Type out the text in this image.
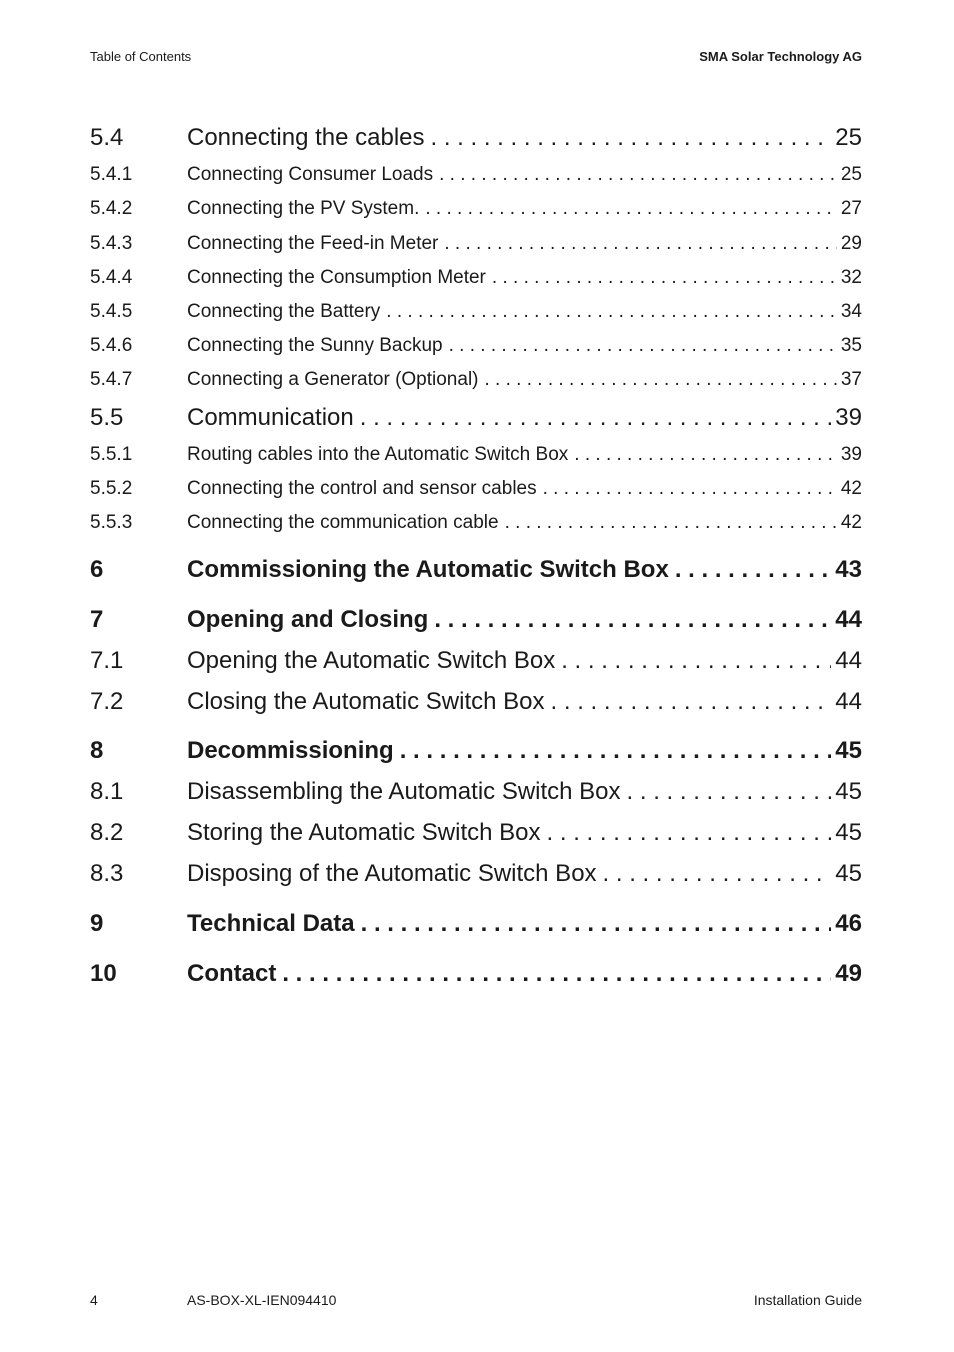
Table of Contents	SMA Solar Technology AG
5.4	Connecting the cables . . .	25
5.4.1	Connecting Consumer Loads . . .	25
5.4.2	Connecting the PV System. . . .	27
5.4.3	Connecting the Feed-in Meter . . .	29
5.4.4	Connecting the Consumption Meter . . .	32
5.4.5	Connecting the Battery . . .	34
5.4.6	Connecting the Sunny Backup . . .	35
5.4.7	Connecting a Generator (Optional) . . .	37
5.5	Communication . . .	39
5.5.1	Routing cables into the Automatic Switch Box . . .	39
5.5.2	Connecting the control and sensor cables . . .	42
5.5.3	Connecting the communication cable . . .	42
6	Commissioning the Automatic Switch Box . . .	43
7	Opening and Closing . . .	44
7.1	Opening the Automatic Switch Box . . .	44
7.2	Closing the Automatic Switch Box . . .	44
8	Decommissioning . . .	45
8.1	Disassembling the Automatic Switch Box . . .	45
8.2	Storing the Automatic Switch Box . . .	45
8.3	Disposing of the Automatic Switch Box . . .	45
9	Technical Data . . .	46
10	Contact . . .	49
4	AS-BOX-XL-IEN094410	Installation Guide
